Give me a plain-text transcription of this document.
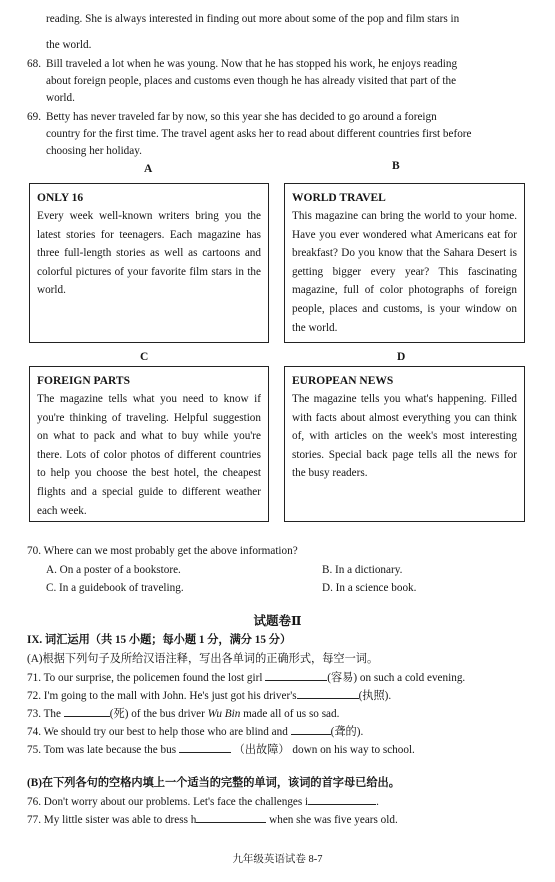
reading. She is always interested in finding out more about some of the pop and film stars in
the world.
68. Bill traveled a lot when he was young. Now that he has stopped his work, he enjoys reading
about foreign people, places and customs even though he has already visited that part of the
world.
69. Betty has never traveled far by now, so this year she has decided to go around a foreign
country for the first time. The travel agent asks her to read about different countries first before
choosing her holiday.
A	B
ONLY 16
Every week well-known writers bring you the latest stories for teenagers. Each magazine has three full-length stories as well as cartoons and colorful pictures of your favorite film stars in the world.
WORLD TRAVEL
This magazine can bring the world to your home. Have you ever wondered what Americans eat for breakfast? Do you know that the Sahara Desert is getting bigger every year? This fascinating magazine, full of color photographs of foreign people, places and customs, is your window on the world.
C	D
FOREIGN PARTS
The magazine tells what you need to know if you're thinking of traveling. Helpful suggestion on what to pack and what to buy while you're there. Lots of color photos of different countries to help you choose the best hotel, the cheapest flights and a special guide to different weather each week.
EUROPEAN NEWS
The magazine tells you what's happening. Filled with facts about almost everything you can think of, with articles on the week's most interesting stories. Special back page tells all the news for the busy readers.
70. Where can we most probably get the above information?
A. On a poster of a bookstore.	B. In a dictionary.
C. In a guidebook of traveling.	D. In a science book.
试题卷Ⅱ
IX. 词汇运用（共 15 小题；每小题 1 分，满分 15 分）
(A)根据下列句子及所给汉语注释，写出各单词的正确形式，每空一词。
71. To our surprise, the policemen found the lost girl	(容易) on such a cold evening.
72. I'm going to the mall with John. He's just got his driver's	(执照).
73. The	(死) of the bus driver Wu Bin made all of us so sad.
74. We should try our best to help those who are blind and	(聋的).
75. Tom was late because the bus	（出故障） down on his way to school.
(B)在下列各句的空格内填上一个适当的完整的单词，该词的首字母已给出。
76. Don't worry about our problems. Let's face the challenges i	.
77. My little sister was able to dress h	when she was five years old.
九年级英语试卷 8-7
